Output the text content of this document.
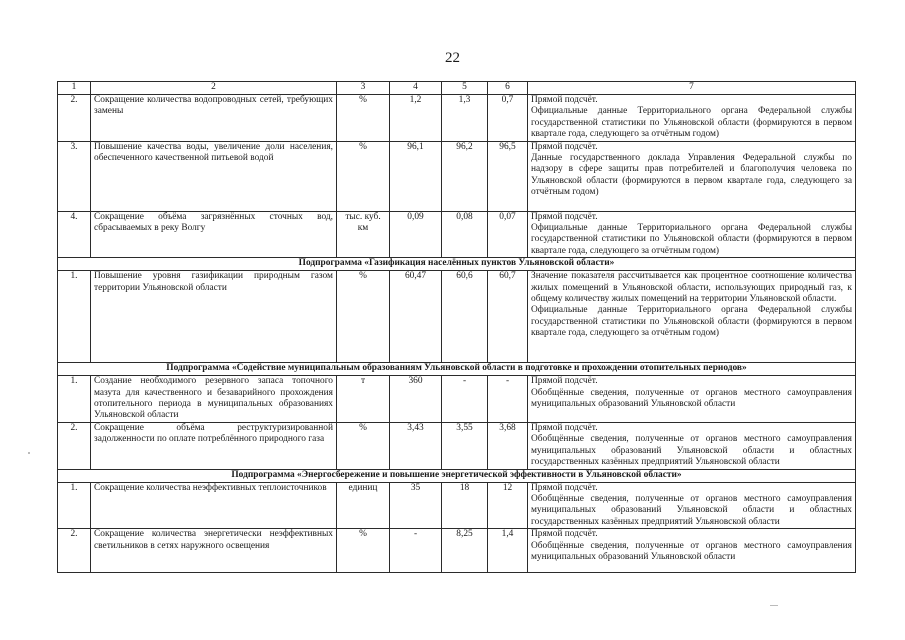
22
1	2	3	4	5	6	7
2.	Сокращение количества водопроводных сетей, требующих замены	%	1,2	1,3	0,7	Прямой подсчёт.
Официальные данные Территориального органа Федеральной службы государственной статистики по Ульяновской области (формируются в первом квартале года, следующего за отчётным годом)

3.	Повышение качества воды, увеличение доли населения, обеспеченного качественной питьевой водой	%	96,1	96,2	96,5	Прямой подсчёт.
Данные государственного доклада Управления Федеральной службы по надзору в сфере защиты прав потребителей и благополучия человека по Ульяновской области (формируются в первом квартале года, следующего за отчётным годом)

4.	Сокращение объёма загрязнённых сточных вод, сбрасываемых в реку Волгу	тыс. куб. км	0,09	0,08	0,07	Прямой подсчёт.
Официальные данные Территориального органа Федеральной службы государственной статистики по Ульяновской области (формируются в первом квартале года, следующего за отчётным годом)

Подпрограмма «Газификация населённых пунктов Ульяновской области»						
1.	Повышение уровня газификации природным газом территории Ульяновской области	%	60,47	60,6	60,7	Значение показателя рассчитывается как процентное соотношение количества жилых помещений в Ульяновской области, использующих природный газ, к общему количеству жилых помещений на территории Ульяновской области.
Официальные данные Территориального органа Федеральной службы государственной статистики по Ульяновской области (формируются в первом квартале года, следующего за отчётным годом)

Подпрограмма «Содействие муниципальным образованиям Ульяновской области в подготовке и прохождении отопительных периодов»						
1.	Создание необходимого резервного запаса топочного мазута для качественного и безаварийного прохождения отопительного периода в муниципальных образованиях Ульяновской области	т	360	-	-	Прямой подсчёт.
Обобщённые сведения, полученные от органов местного самоуправления муниципальных образований Ульяновской области

2.	Сокращение объёма реструктуризированной задолженности по оплате потреблённого природного газа	%	3,43	3,55	3,68	Прямой подсчёт.
Обобщённые сведения, полученные от органов местного самоуправления муниципальных образований Ульяновской области и областных государственных казённых предприятий Ульяновской области

Подпрограмма «Энергосбережение и повышение энергетической эффективности в Ульяновской области»						
1.	Сокращение количества неэффективных теплоисточников	единиц	35	18	12	Прямой подсчёт.
Обобщённые сведения, полученные от органов местного самоуправления муниципальных образований Ульяновской области и областных государственных казённых предприятий Ульяновской области

2.	Сокращение количества энергетически неэффективных светильников в сетях наружного освещения	%	-	8,25	1,4	Прямой подсчёт.
Обобщённые сведения, полученные от органов местного самоуправления муниципальных образований Ульяновской области
